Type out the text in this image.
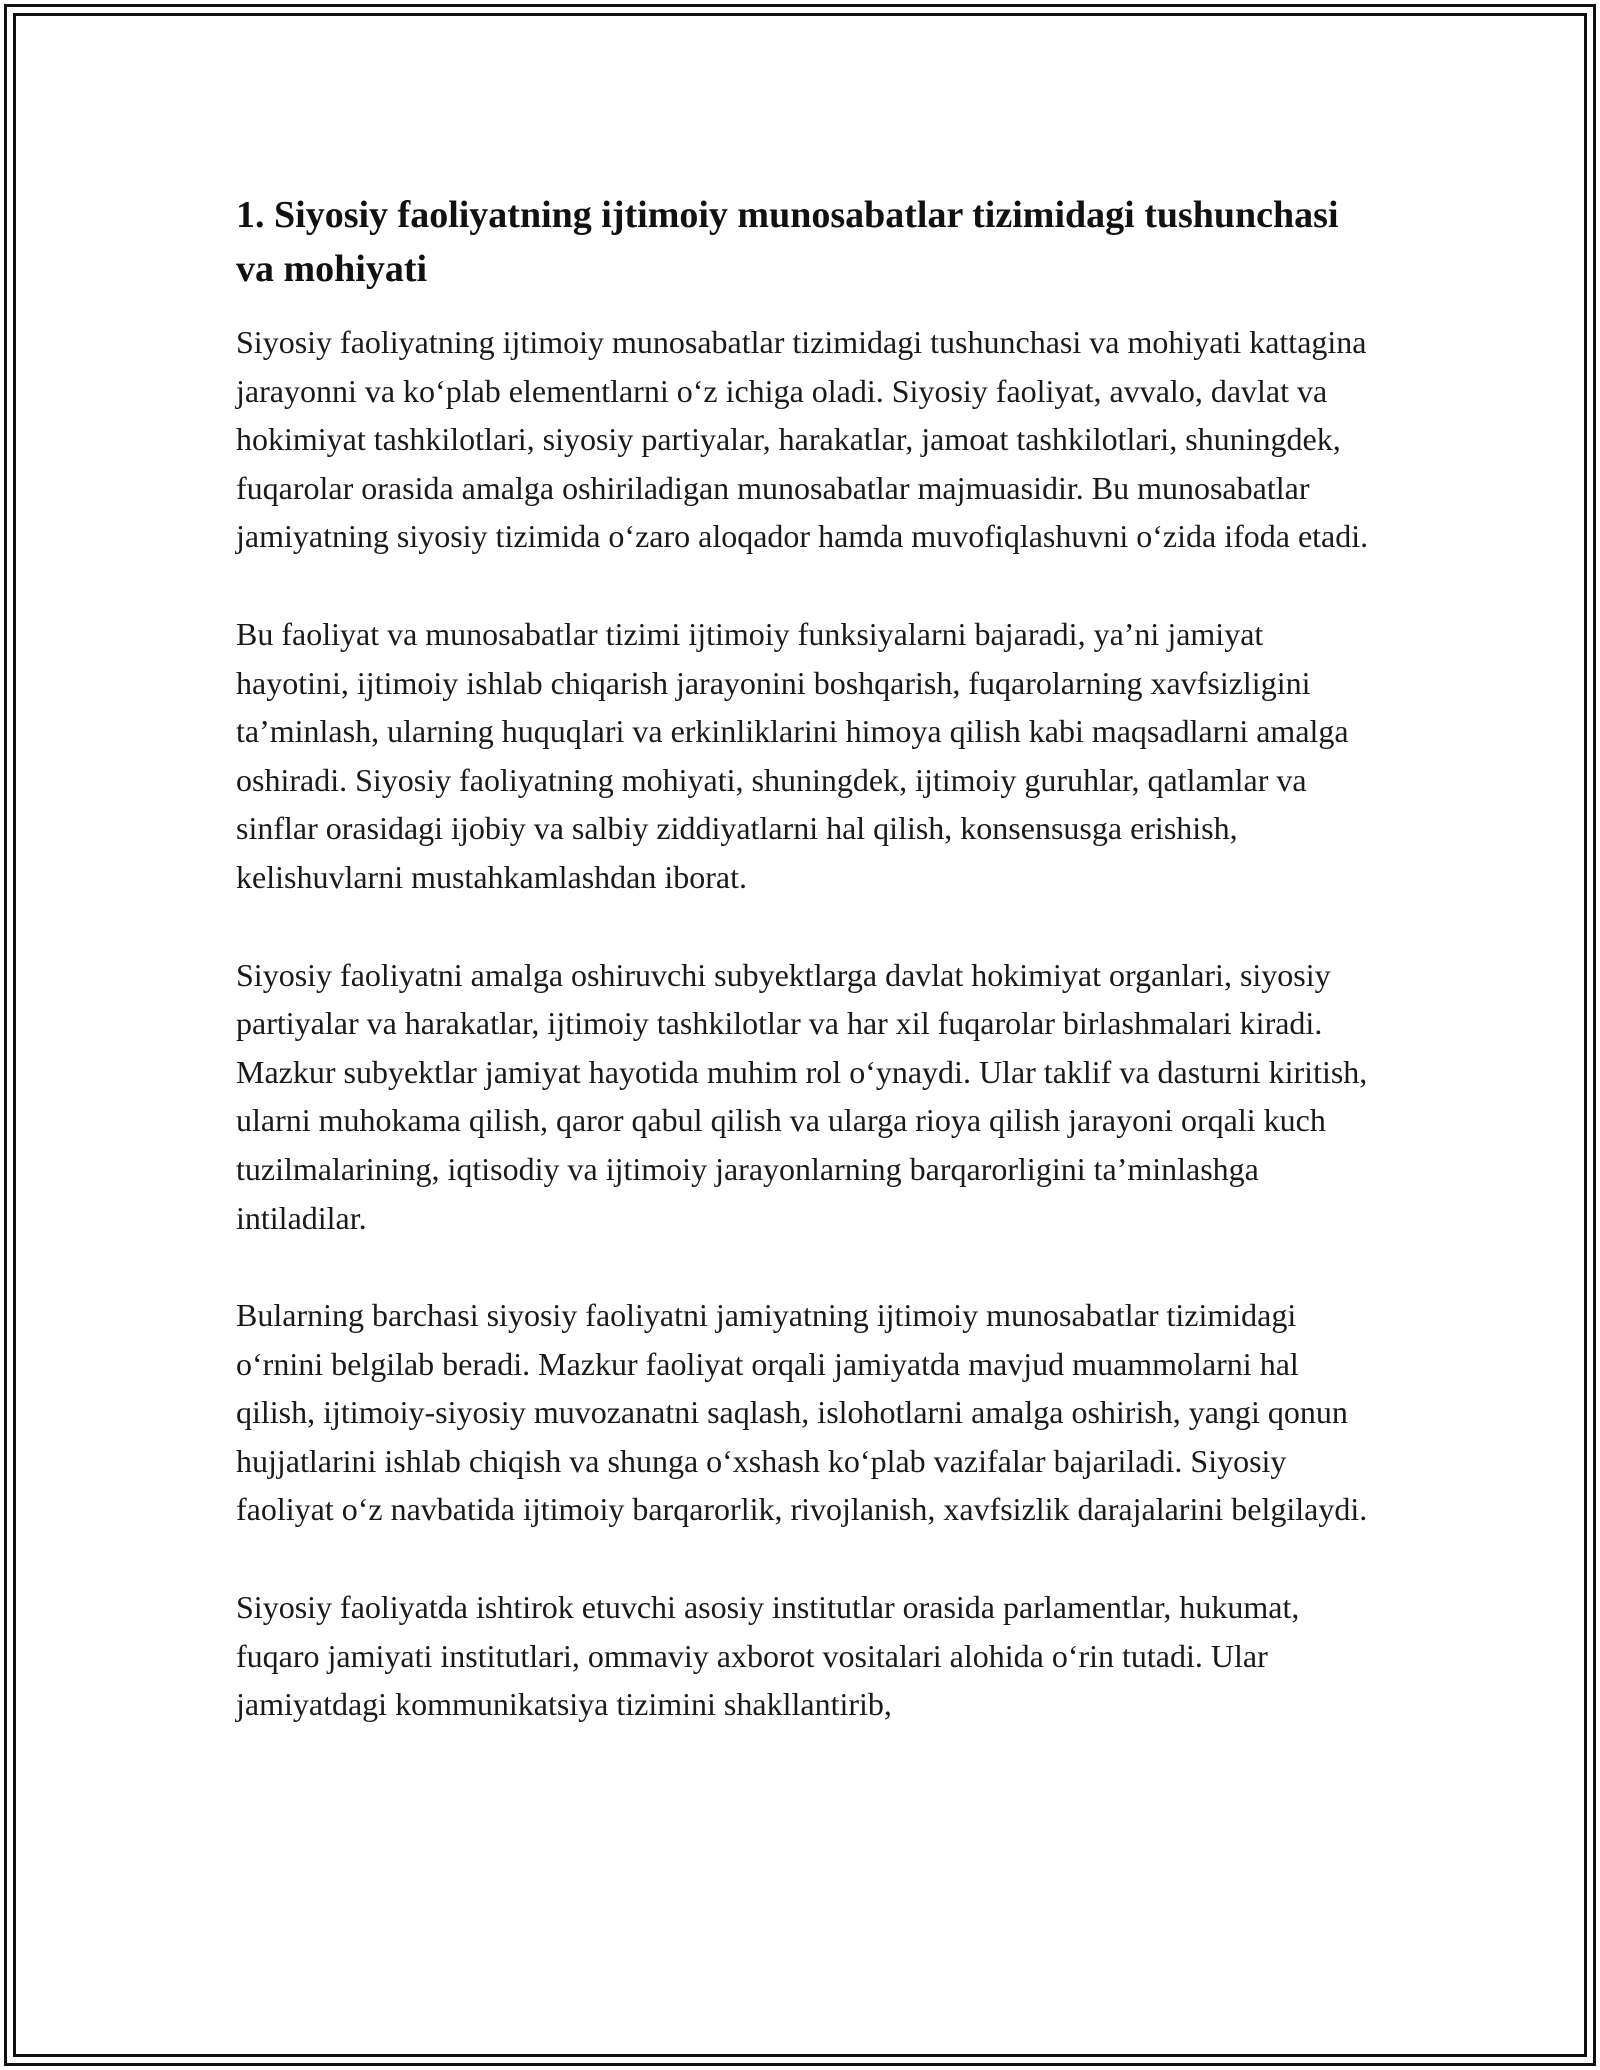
1. Siyosiy faoliyatning ijtimoiy munosabatlar tizimidagi tushunchasi va mohiyati

Siyosiy faoliyatning ijtimoiy munosabatlar tizimidagi tushunchasi va mohiyati kattagina jarayonni va ko‘plab elementlarni o‘z ichiga oladi. Siyosiy faoliyat, avvalo, davlat va hokimiyat tashkilotlari, siyosiy partiyalar, harakatlar, jamoat tashkilotlari, shuningdek, fuqarolar orasida amalga oshiriladigan munosabatlar majmuasidir. Bu munosabatlar jamiyatning siyosiy tizimida o‘zaro aloqador hamda muvofiqlashuvni o‘zida ifoda etadi.

Bu faoliyat va munosabatlar tizimi ijtimoiy funksiyalarni bajaradi, ya’ni jamiyat hayotini, ijtimoiy ishlab chiqarish jarayonini boshqarish, fuqarolarning xavfsizligini ta’minlash, ularning huquqlari va erkinliklarini himoya qilish kabi maqsadlarni amalga oshiradi. Siyosiy faoliyatning mohiyati, shuningdek, ijtimoiy guruhlar, qatlamlar va sinflar orasidagi ijobiy va salbiy ziddiyatlarni hal qilish, konsensusga erishish, kelishuvlarni mustahkamlashdan iborat.

Siyosiy faoliyatni amalga oshiruvchi subyektlarga davlat hokimiyat organlari, siyosiy partiyalar va harakatlar, ijtimoiy tashkilotlar va har xil fuqarolar birlashmalari kiradi. Mazkur subyektlar jamiyat hayotida muhim rol o‘ynaydi. Ular taklif va dasturni kiritish, ularni muhokama qilish, qaror qabul qilish va ularga rioya qilish jarayoni orqali kuch tuzilmalarining, iqtisodiy va ijtimoiy jarayonlarning barqarorligini ta’minlashga intiladilar.

Bularning barchasi siyosiy faoliyatni jamiyatning ijtimoiy munosabatlar tizimidagi o‘rnini belgilab beradi. Mazkur faoliyat orqali jamiyatda mavjud muammolarni hal qilish, ijtimoiy-siyosiy muvozanatni saqlash, islohotlarni amalga oshirish, yangi qonun hujjatlarini ishlab chiqish va shunga o‘xshash ko‘plab vazifalar bajariladi. Siyosiy faoliyat o‘z navbatida ijtimoiy barqarorlik, rivojlanish, xavfsizlik darajalarini belgilaydi.

Siyosiy faoliyatda ishtirok etuvchi asosiy institutlar orasida parlamentlar, hukumat, fuqaro jamiyati institutlari, ommaviy axborot vositalari alohida o‘rin tutadi. Ular jamiyatdagi kommunikatsiya tizimini shakllantirib,
